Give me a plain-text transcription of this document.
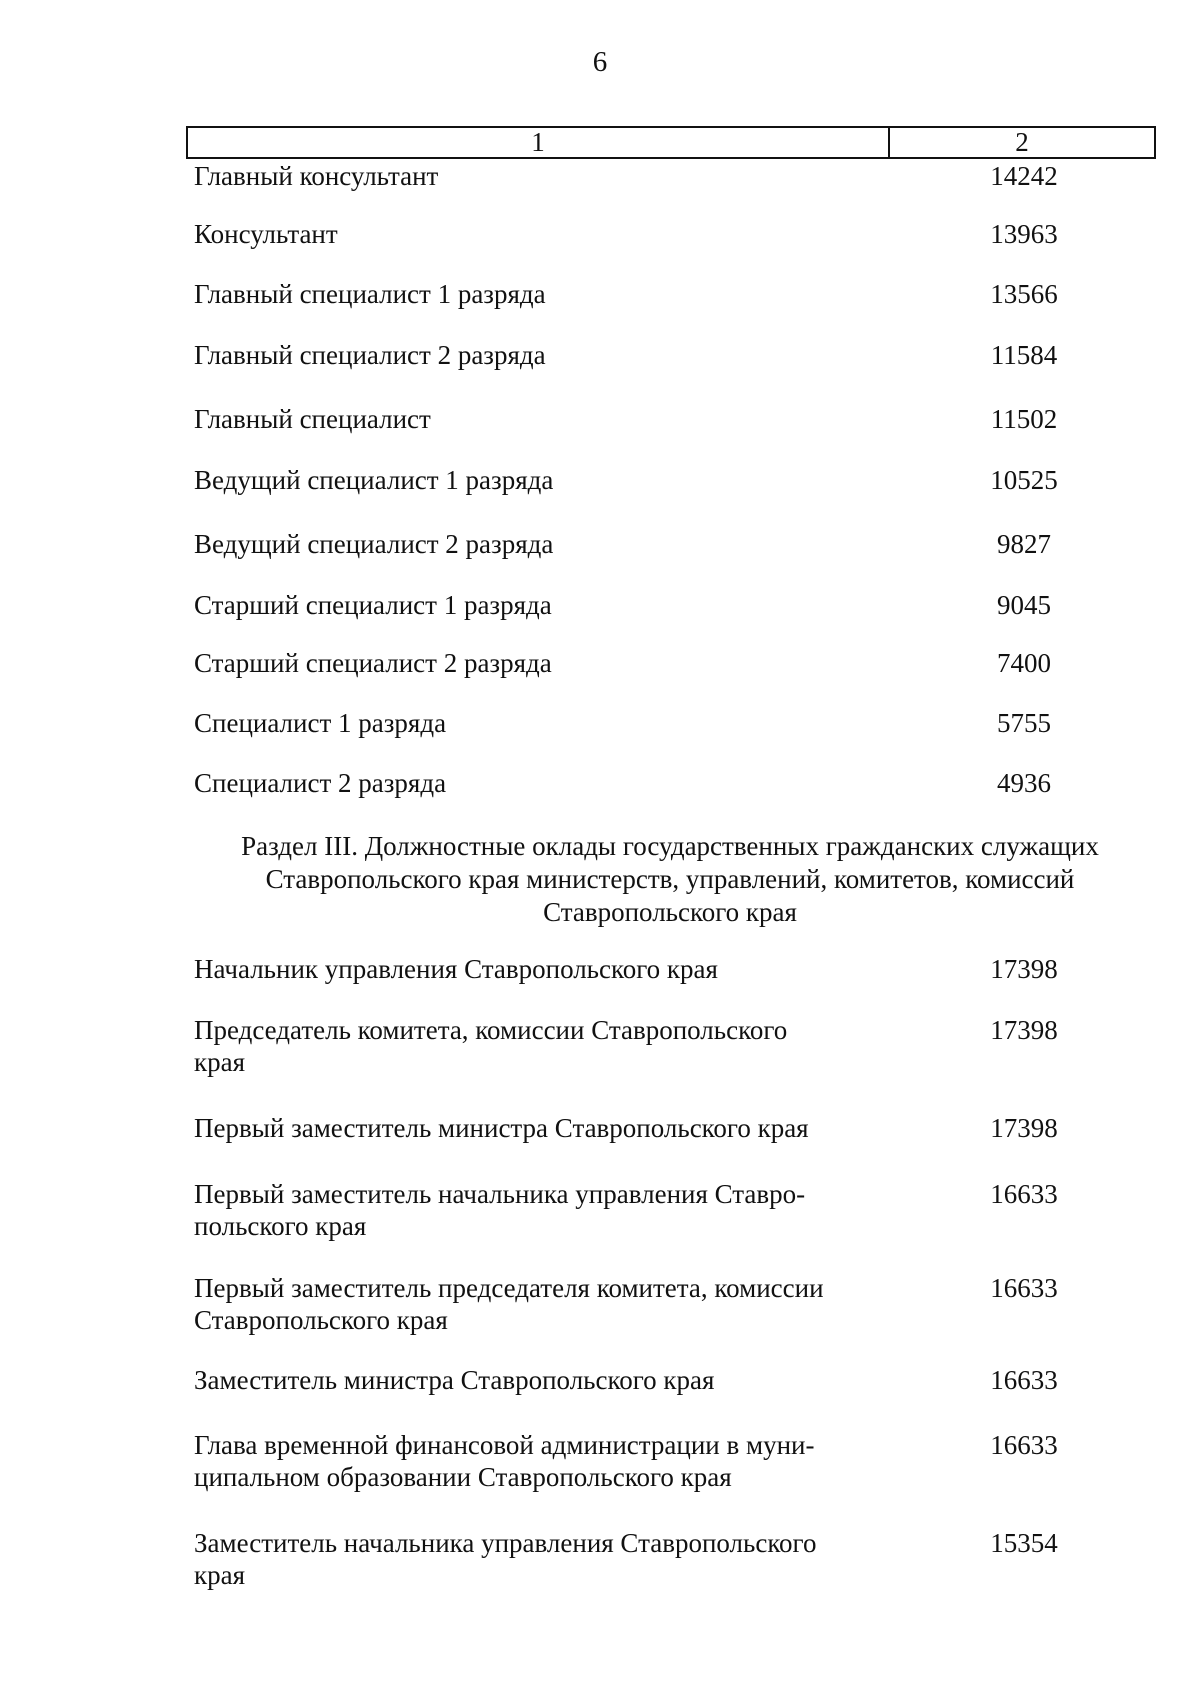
6
1	2
Главный консультант	14242
Консультант	13963
Главный специалист 1 разряда	13566
Главный специалист 2 разряда	11584
Главный специалист	11502
Ведущий специалист 1 разряда	10525
Ведущий специалист 2 разряда	9827
Старший специалист 1 разряда	9045
Старший специалист 2 разряда	7400
Специалист 1 разряда	5755
Специалист 2 разряда	4936
Раздел III. Должностные оклады государственных гражданских служащих
Ставропольского края министерств, управлений, комитетов, комиссий
Ставропольского края
Начальник управления Ставропольского края	17398
Председатель комитета, комиссии Ставропольского
края
17398
Первый заместитель министра Ставропольского края	17398
Первый заместитель начальника управления Ставро-
польского края
16633
Первый заместитель председателя комитета, комиссии
Ставропольского края
16633
Заместитель министра Ставропольского края	16633
Глава временной финансовой администрации в муни-
ципальном образовании Ставропольского края
16633
Заместитель начальника управления Ставропольского
края
15354
